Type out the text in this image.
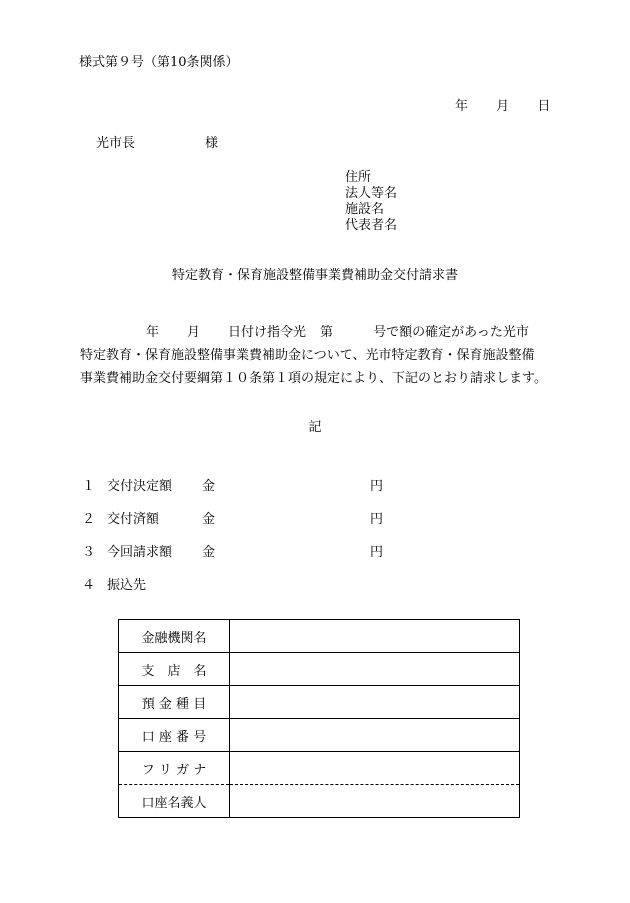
様式第９号（第10条関係）
年 月 日
光市長	様
住所
法人等名
施設名
代表者名
特定教育・保育施設整備事業費補助金交付請求書
年 月 日付け指令光 第	号で額の確定があった光市
特定教育・保育施設整備事業費補助金について、光市特定教育・保育施設整備
事業費補助金交付要綱第１０条第１項の規定により、下記のとおり請求します。
記
１ 交付決定額 金	円
２ 交付済額	金	円
３ 今回請求額 金	円
４ 振込先
金融機関名	
支　店　名	
預 金 種 目	
口 座 番 号	
フ リ ガ ナ	
口座名義人	
